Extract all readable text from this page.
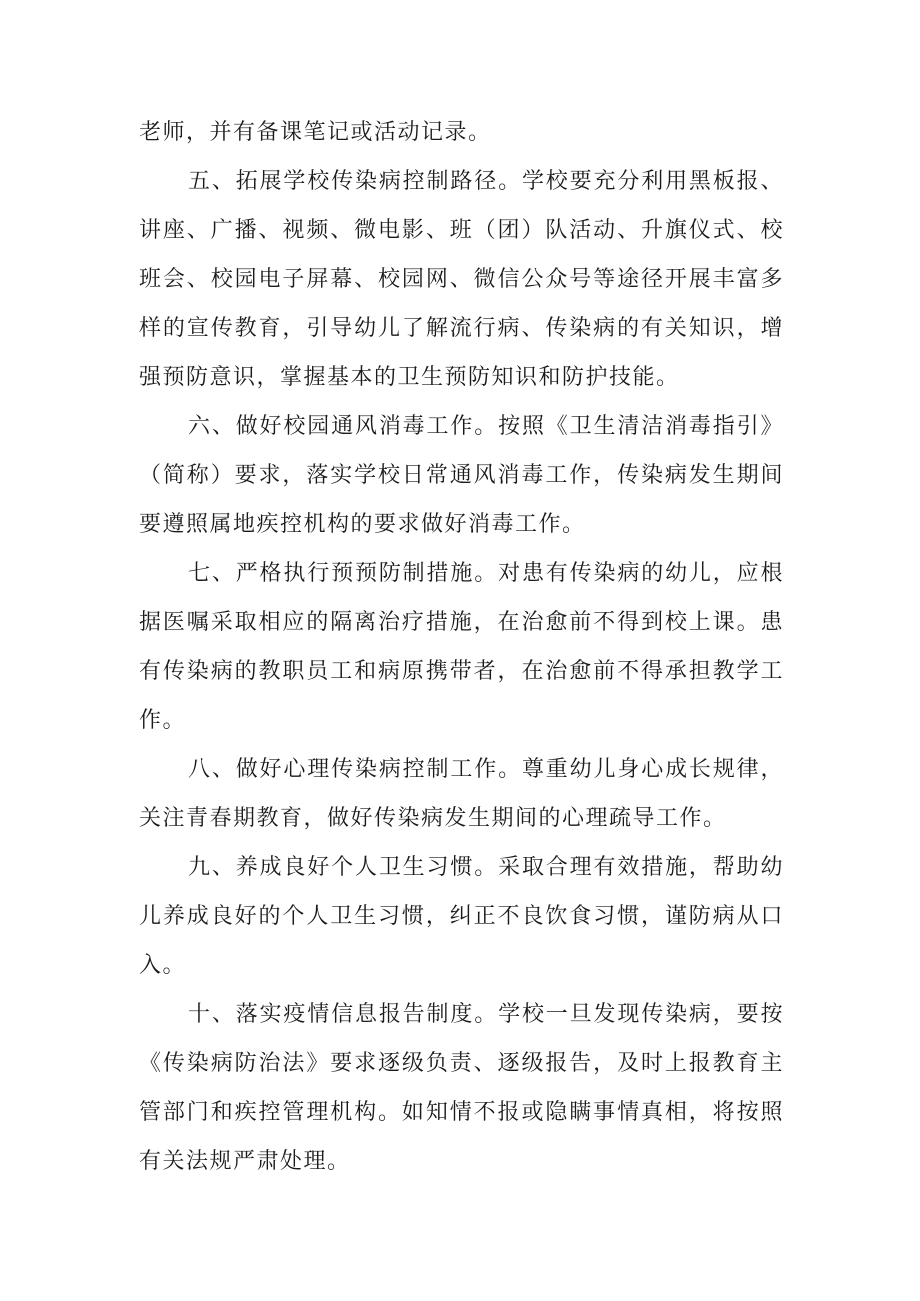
老师，并有备课笔记或活动记录。

五、拓展学校传染病控制路径。学校要充分利用黑板报、讲座、广播、视频、微电影、班（团）队活动、升旗仪式、校班会、校园电子屏幕、校园网、微信公众号等途径开展丰富多样的宣传教育，引导幼儿了解流行病、传染病的有关知识，增强预防意识，掌握基本的卫生预防知识和防护技能。

六、做好校园通风消毒工作。按照《卫生清洁消毒指引》（简称）要求，落实学校日常通风消毒工作，传染病发生期间要遵照属地疾控机构的要求做好消毒工作。

七、严格执行预预防制措施。对患有传染病的幼儿，应根据医嘱采取相应的隔离治疗措施，在治愈前不得到校上课。患有传染病的教职员工和病原携带者，在治愈前不得承担教学工作。

八、做好心理传染病控制工作。尊重幼儿身心成长规律，关注青春期教育，做好传染病发生期间的心理疏导工作。

九、养成良好个人卫生习惯。采取合理有效措施，帮助幼儿养成良好的个人卫生习惯，纠正不良饮食习惯，谨防病从口入。

十、落实疫情信息报告制度。学校一旦发现传染病，要按《传染病防治法》要求逐级负责、逐级报告，及时上报教育主管部门和疾控管理机构。如知情不报或隐瞒事情真相，将按照有关法规严肃处理。
